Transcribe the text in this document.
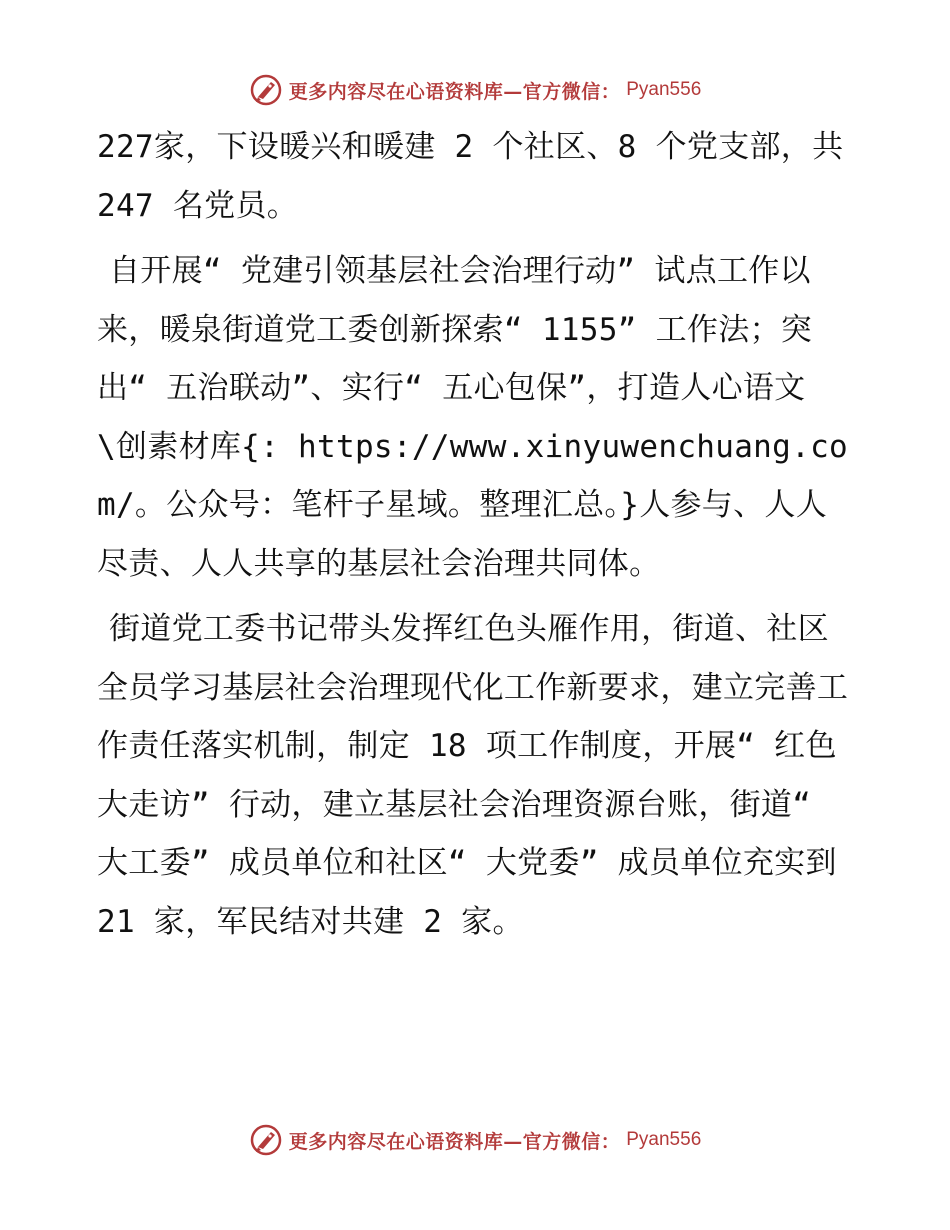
更多内容尽在心语资料库—官方微信： Pyan556

227家，下设暖兴和暖建 2 个社区、8 个党支部，共 247 名党员。

自开展“ 党建引领基层社会治理行动” 试点工作以来，暖泉街道党工委创新探索“ 1155” 工作法；突出“ 五治联动”、实行“ 五心包保”，打造人心语文\创素材库{: https://www.xinyuwenchuang.com/。公众号：笔杆子星域。整理汇总。}人参与、人人尽责、人人共享的基层社会治理共同体。

街道党工委书记带头发挥红色头雁作用，街道、社区全员学习基层社会治理现代化工作新要求，建立完善工作责任落实机制，制定 18 项工作制度，开展“ 红色大走访” 行动，建立基层社会治理资源台账，街道“ 大工委” 成员单位和社区“ 大党委” 成员单位充实到 21 家，军民结对共建 2 家。

更多内容尽在心语资料库—官方微信： Pyan556
